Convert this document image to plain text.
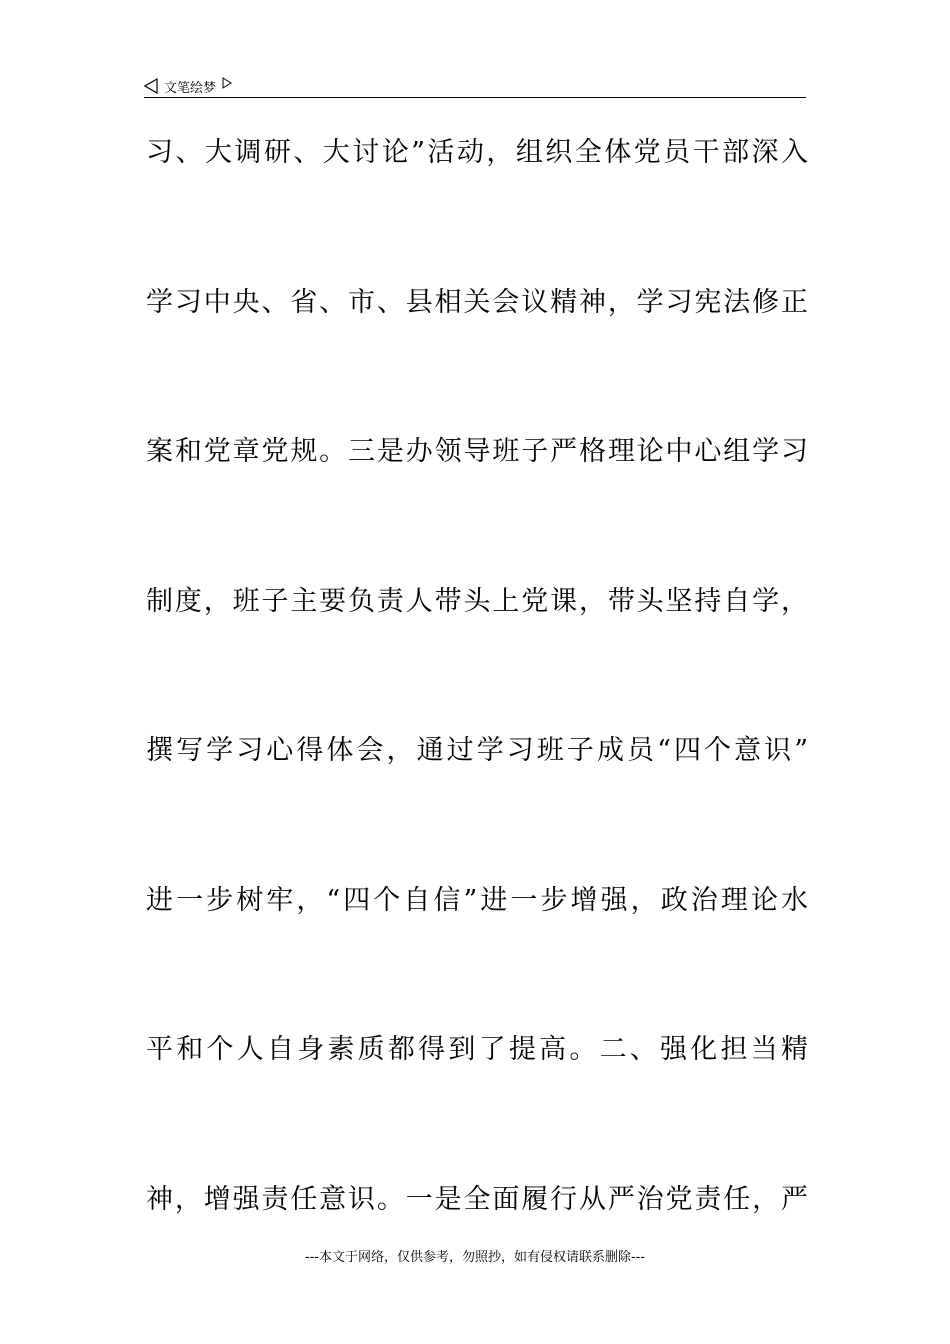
文笔绘梦
习、大调研、大讨论”活动，组织全体党员干部深入
学习中央、省、市、县相关会议精神，学习宪法修正
案和党章党规。三是办领导班子严格理论中心组学习
制度，班子主要负责人带头上党课，带头坚持自学，
撰写学习心得体会，通过学习班子成员“四个意识”
进一步树牢，“四个自信”进一步增强，政治理论水
平和个人自身素质都得到了提高。二、强化担当精
神，增强责任意识。一是全面履行从严治党责任，严
---本文于网络，仅供参考，勿照抄，如有侵权请联系删除---
